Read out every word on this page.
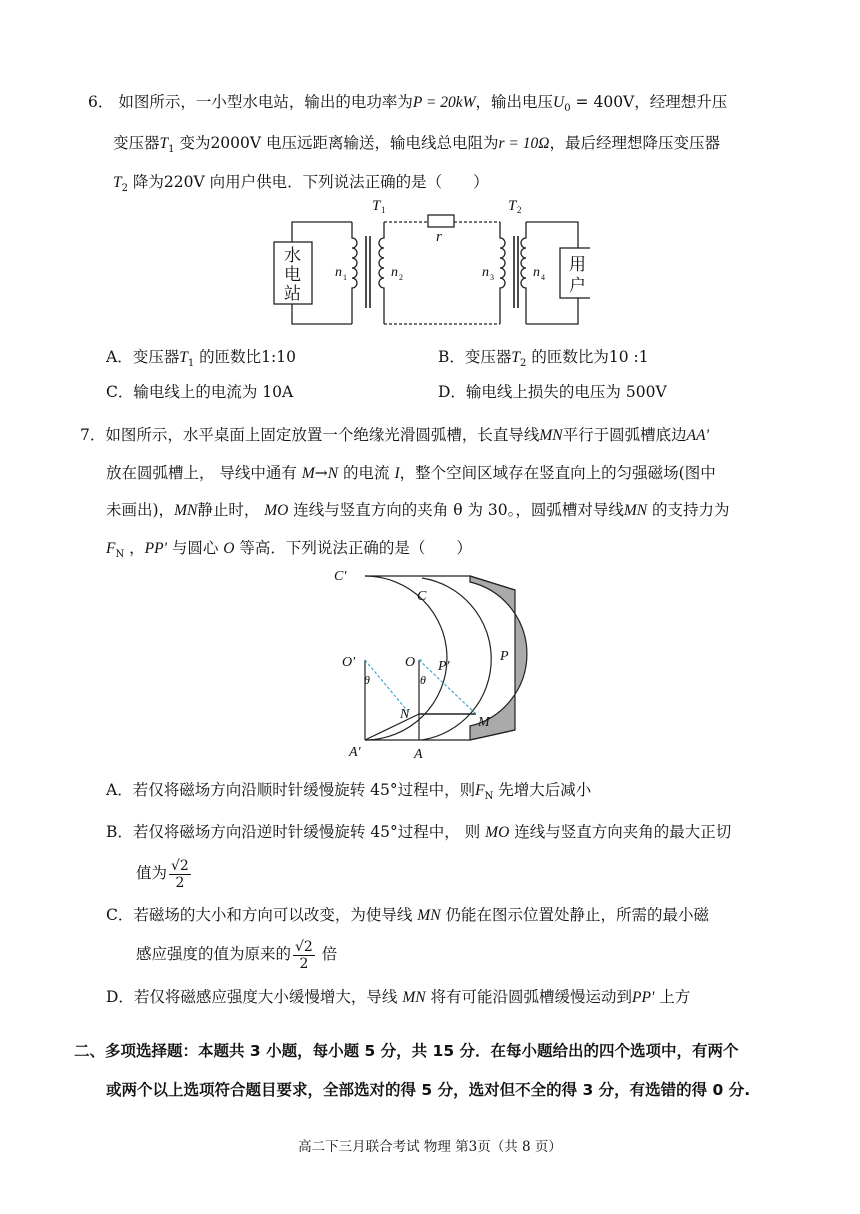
6． 如图所示，一小型水电站，输出的电功率为P = 20kW，输出电压$U_0 = 400V$，经理想升压
变压器$T_1$ 变为2000V 电压远距离输送，输电线总电阻为r = 10Ω，最后经理想降压变压器
$T_2$ 降为220V 向用户供电．下列说法正确的是（　　）
T 1	T 2
r
n 1	n 2	n 3	n 4
水
电
站
用
户
A．变压器$T_1$ 的匝数比1:10	B．变压器$T_2$ 的匝数比为10 :1
C．输电线上的电流为 10A	D．输电线上损失的电压为 500V
7．如图所示，水平桌面上固定放置一个绝缘光滑圆弧槽，长直导线MN平行于圆弧槽底边AA'
放在圆弧槽上， 导线中通有 M→N 的电流 I，整个空间区域存在竖直向上的匀强磁场(图中
未画出)，MN静止时， MO 连线与竖直方向的夹角 θ 为 30。，圆弧槽对导线MN 的支持力为
$F_N$ ，PP' 与圆心 O 等高．下列说法正确的是（　　）
C'
C
O'	O P'
P
θ	θ
N
M
A'	A
A．若仅将磁场方向沿顺时针缓慢旋转 45°过程中，则$F_N$ 先增大后减小
B．若仅将磁场方向沿逆时针缓慢旋转 45°过程中， 则 MO 连线与竖直方向夹角的最大正切
值为 $\frac{√2}{2}$
C．若磁场的大小和方向可以改变，为使导线 MN 仍能在图示位置处静止，所需的最小磁
感应强度的值为原来的 $\frac{√2}{2}$ 倍
D．若仅将磁感应强度大小缓慢增大，导线 MN 将有可能沿圆弧槽缓慢运动到PP' 上方
二、多项选择题：本题共 3 小题，每小题 5 分，共 15 分．在每小题给出的四个选项中，有两个
或两个以上选项符合题目要求，全部选对的得 5 分，选对但不全的得 3 分，有选错的得 0 分.
高二下三月联合考试 物理 第3页（共 8 页）
